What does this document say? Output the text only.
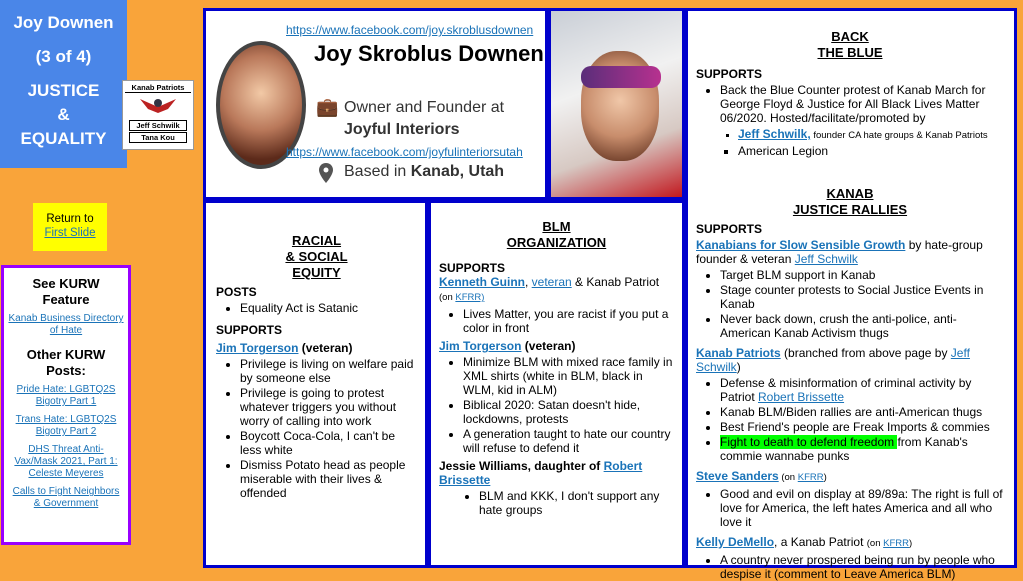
Joy Downen
(3 of 4)
JUSTICE
&
EQUALITY
Kanab Patriots
Jeff Schwilk
Tana Kou
Return to
First Slide
See KURW Feature
Kanab Business Directory of Hate
Other KURW Posts:
Pride Hate: LGBTQ2S Bigotry Part 1
Trans Hate: LGBTQ2S Bigotry Part 2
DHS Threat Anti-Vax/Mask 2021, Part 1: Celeste Meyeres
Calls to Fight Neighbors & Government
https://www.facebook.com/joy.skroblusdownen
Joy Skroblus Downen
💼 Owner and Founder at Joyful Interiors
https://www.facebook.com/joyfulinteriorsutah
Based in Kanab, Utah
BACK
THE BLUE
SUPPORTS
• Back the Blue Counter protest of Kanab March for George Floyd & Justice for All Black Lives Matter 06/2020. Hosted/facilitate/promoted by
▪ Jeff Schwilk, founder CA hate groups & Kanab Patriots
▪ American Legion
KANAB
JUSTICE RALLIES
SUPPORTS
Kanabians for Slow Sensible Growth by hate-group founder & veteran Jeff Schwilk
• Target BLM support in Kanab
• Stage counter protests to Social Justice Events in Kanab
• Never back down, crush the anti-police, anti-American Kanab Activism thugs
Kanab Patriots (branched from above page by Jeff Schwilk)
• Defense & misinformation of criminal activity by Patriot Robert Brissette
• Kanab BLM/Biden rallies are anti-American thugs
• Best Friend's people are Freak Imports & commies
• Fight to death to defend freedom from Kanab's commie wannabe punks
Steve Sanders (on KFRR)
• Good and evil on display at 89/89a: The right is full of love for America, the left hates America and all who love it
Kelly DeMello, a Kanab Patriot (on KFRR)
• A country never prospered being run by people who despise it (comment to Leave America BLM)
RACIAL
& SOCIAL
EQUITY
POSTS
• Equality Act is Satanic
SUPPORTS
Jim Torgerson (veteran)
• Privilege is living on welfare paid by someone else
• Privilege is going to protest whatever triggers you without worry of calling into work
• Boycott Coca-Cola, I can't be less white
• Dismiss Potato head as people miserable with their lives & offended
BLM
ORGANIZATION
SUPPORTS
Kenneth Guinn, veteran & Kanab Patriot (on KFRR)
• Lives Matter, you are racist if you put a color in front
Jim Torgerson (veteran)
• Minimize BLM with mixed race family in XML shirts (white in BLM, black in WLM, kid in ALM)
• Biblical 2020: Satan doesn't hide, lockdowns, protests
• A generation taught to hate our country will refuse to defend it
Jessie Williams, daughter of Robert Brissette
• BLM and KKK, I don't support any hate groups
